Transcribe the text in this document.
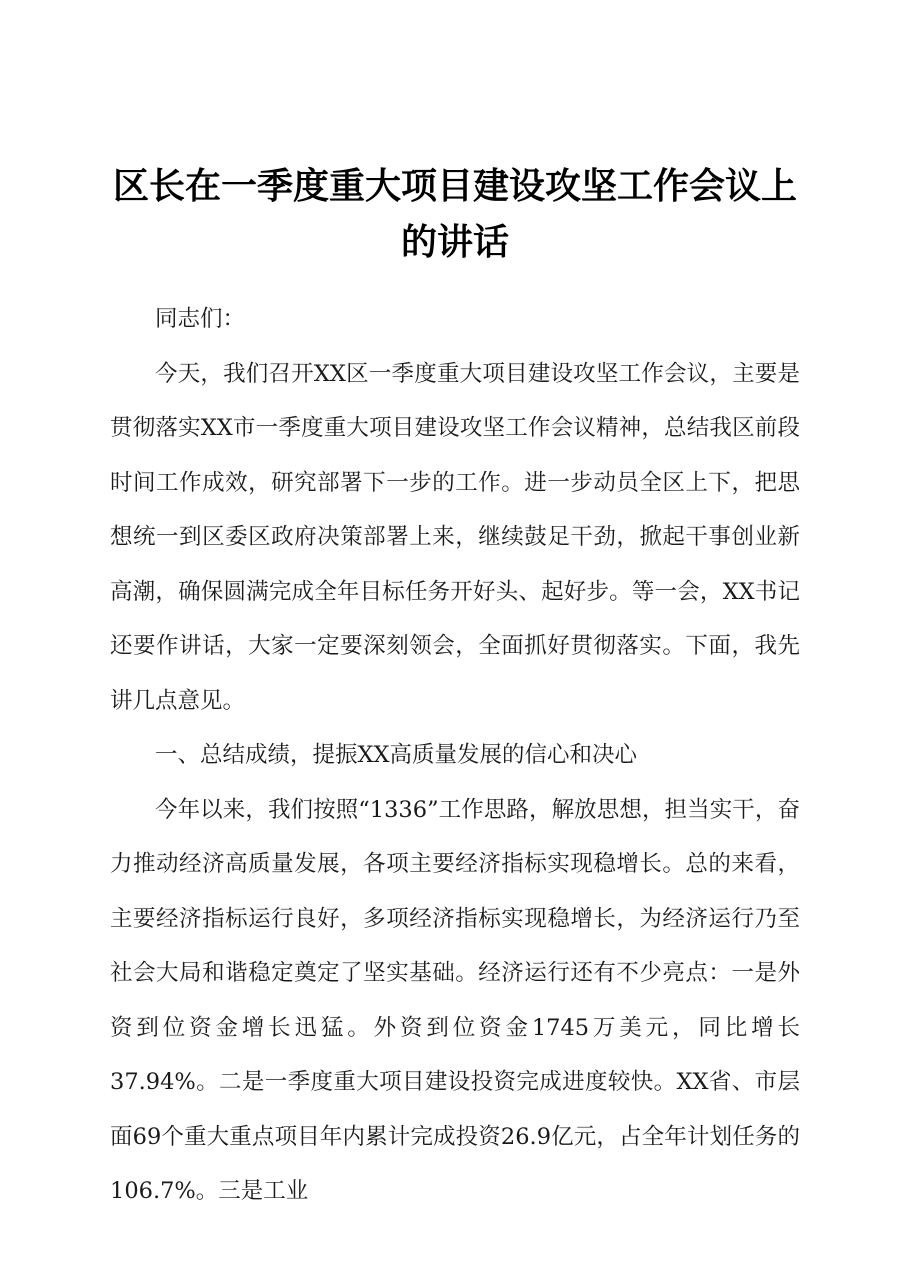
区长在一季度重大项目建设攻坚工作会议上的讲话

同志们：

今天，我们召开XX区一季度重大项目建设攻坚工作会议，主要是贯彻落实XX市一季度重大项目建设攻坚工作会议精神，总结我区前段时间工作成效，研究部署下一步的工作。进一步动员全区上下，把思想统一到区委区政府决策部署上来，继续鼓足干劲，掀起干事创业新高潮，确保圆满完成全年目标任务开好头、起好步。等一会，XX书记还要作讲话，大家一定要深刻领会，全面抓好贯彻落实。下面，我先讲几点意见。

一、总结成绩，提振XX高质量发展的信心和决心

今年以来，我们按照“1336”工作思路，解放思想，担当实干，奋力推动经济高质量发展，各项主要经济指标实现稳增长。总的来看，主要经济指标运行良好，多项经济指标实现稳增长，为经济运行乃至社会大局和谐稳定奠定了坚实基础。经济运行还有不少亮点：一是外资到位资金增长迅猛。外资到位资金1745万美元，同比增长37.94%。二是一季度重大项目建设投资完成进度较快。XX省、市层面69个重大重点项目年内累计完成投资26.9亿元，占全年计划任务的106.7%。三是工业
